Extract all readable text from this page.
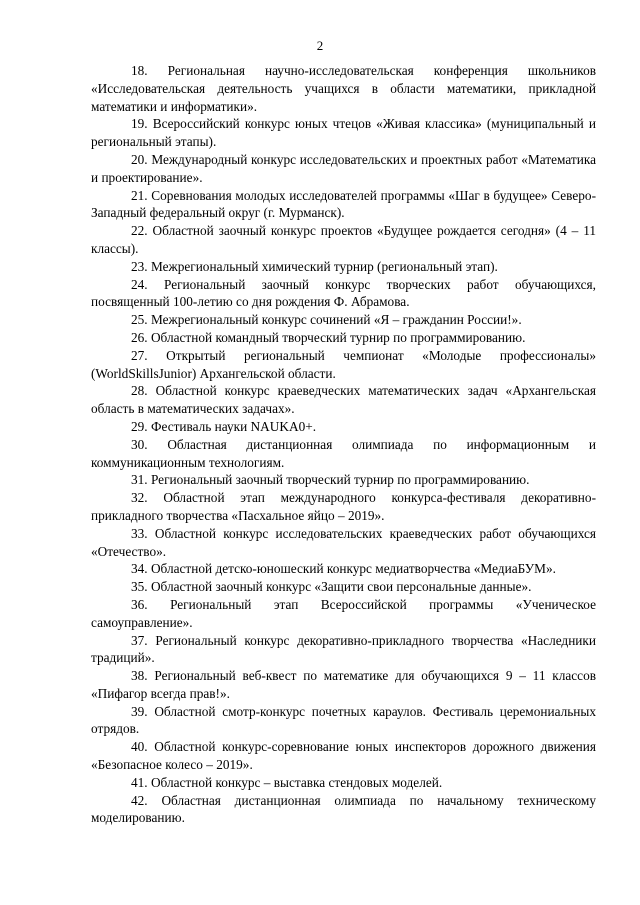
2

18. Региональная научно-исследовательская конференция школьников «Исследовательская деятельность учащихся в области математики, прикладной математики и информатики».

19. Всероссийский конкурс юных чтецов «Живая классика» (муниципальный и региональный этапы).

20. Международный конкурс исследовательских и проектных работ «Математика и проектирование».

21. Соревнования молодых исследователей программы «Шаг в будущее» Северо-Западный федеральный округ (г. Мурманск).

22. Областной заочный конкурс проектов «Будущее рождается сегодня» (4 – 11 классы).

23. Межрегиональный химический турнир (региональный этап).

24. Региональный заочный конкурс творческих работ обучающихся, посвященный 100-летию со дня рождения Ф. Абрамова.

25. Межрегиональный конкурс сочинений «Я – гражданин России!».

26. Областной командный творческий турнир по программированию.

27. Открытый региональный чемпионат «Молодые профессионалы» (WorldSkillsJunior) Архангельской области.

28. Областной конкурс краеведческих математических задач «Архангельская область в математических задачах».

29. Фестиваль науки NAUKA0+.

30. Областная дистанционная олимпиада по информационным и коммуникационным технологиям.

31. Региональный заочный творческий турнир по программированию.

32. Областной этап международного конкурса-фестиваля декоративно-прикладного творчества «Пасхальное яйцо – 2019».

33. Областной конкурс исследовательских краеведческих работ обучающихся «Отечество».

34. Областной детско-юношеский конкурс медиатворчества «МедиаБУМ».

35. Областной заочный конкурс «Защити свои персональные данные».

36. Региональный этап Всероссийской программы «Ученическое самоуправление».

37. Региональный конкурс декоративно-прикладного творчества «Наследники традиций».

38. Региональный веб-квест по математике для обучающихся 9 – 11 классов «Пифагор всегда прав!».

39. Областной смотр-конкурс почетных караулов. Фестиваль церемониальных отрядов.

40. Областной конкурс-соревнование юных инспекторов дорожного движения «Безопасное колесо – 2019».

41. Областной конкурс – выставка стендовых моделей.

42. Областная дистанционная олимпиада по начальному техническому моделированию.
